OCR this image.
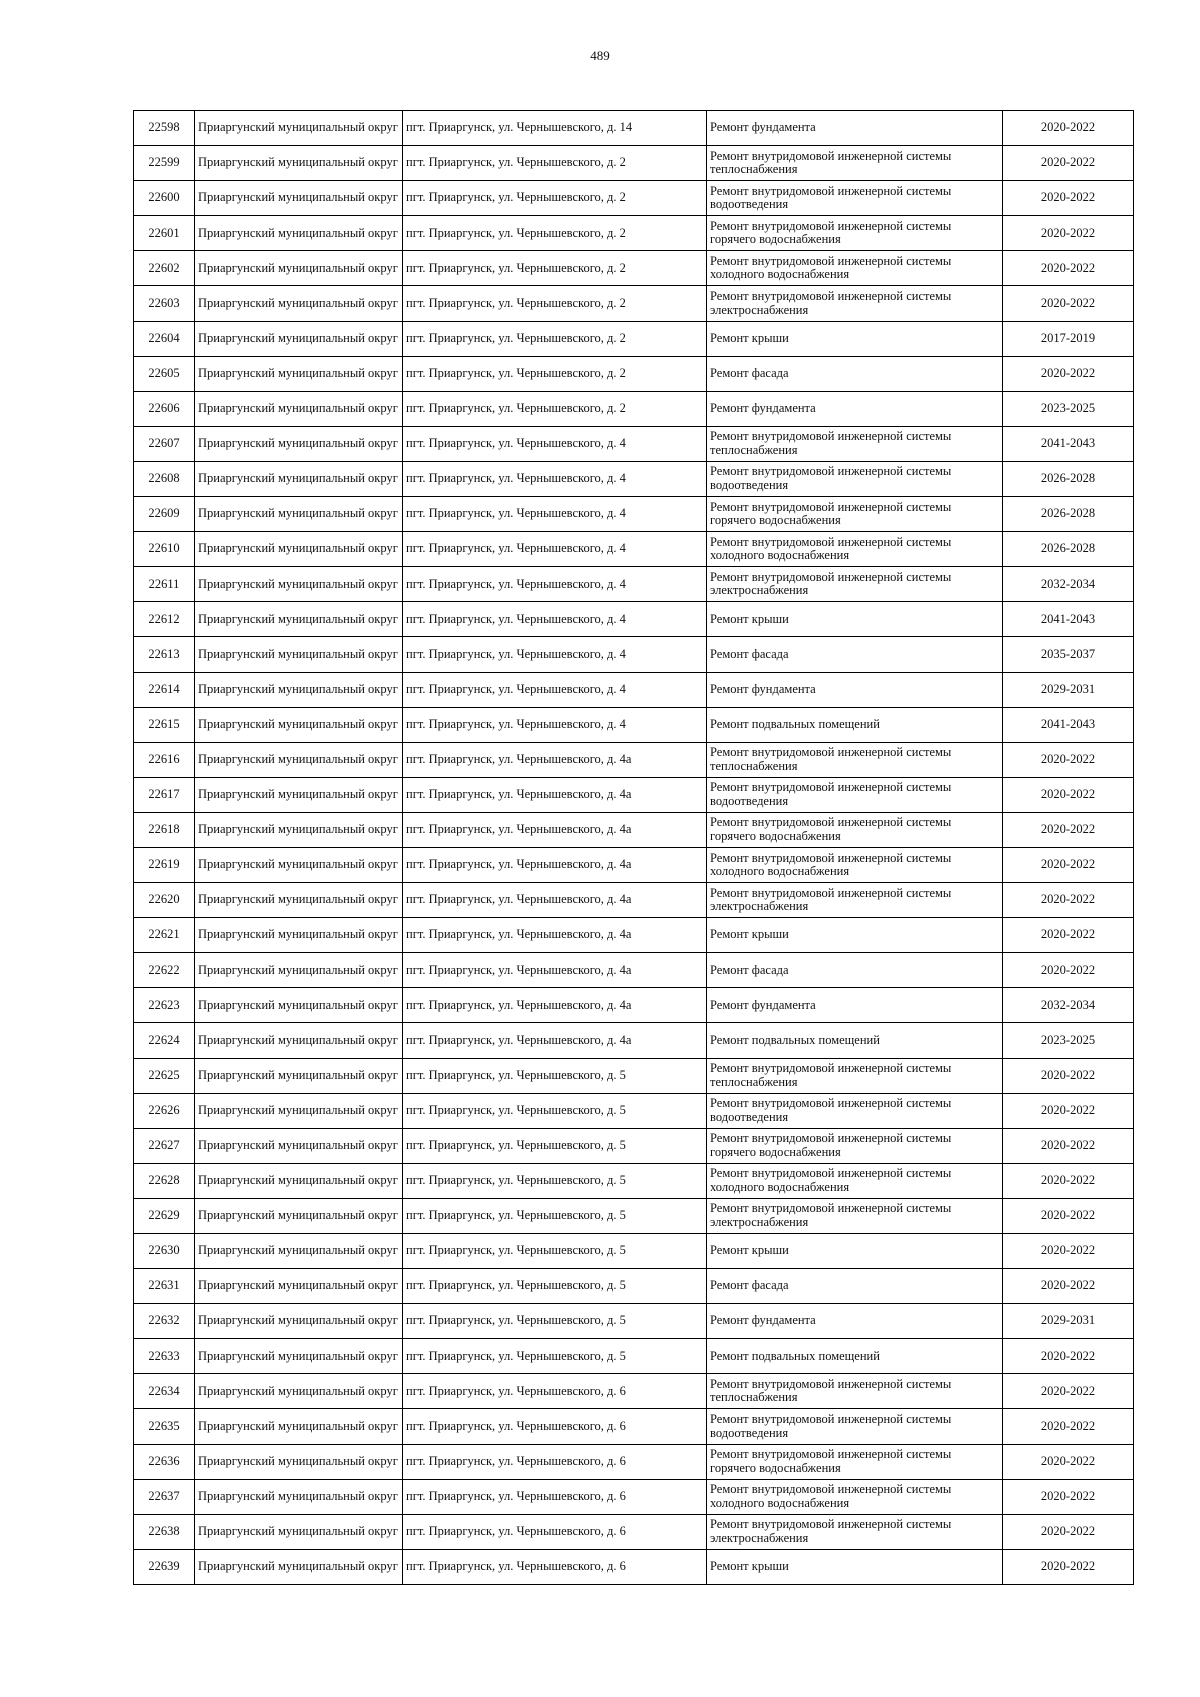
489
22598	Приаргунский муниципальный округ	пгт. Приаргунск, ул. Чернышевского, д. 14	Ремонт фундамента	2020-2022
22599	Приаргунский муниципальный округ	пгт. Приаргунск, ул. Чернышевского, д. 2	Ремонт внутридомовой инженерной системы теплоснабжения	2020-2022
22600	Приаргунский муниципальный округ	пгт. Приаргунск, ул. Чернышевского, д. 2	Ремонт внутридомовой инженерной системы водоотведения	2020-2022
22601	Приаргунский муниципальный округ	пгт. Приаргунск, ул. Чернышевского, д. 2	Ремонт внутридомовой инженерной системы горячего водоснабжения	2020-2022
22602	Приаргунский муниципальный округ	пгт. Приаргунск, ул. Чернышевского, д. 2	Ремонт внутридомовой инженерной системы холодного водоснабжения	2020-2022
22603	Приаргунский муниципальный округ	пгт. Приаргунск, ул. Чернышевского, д. 2	Ремонт внутридомовой инженерной системы электроснабжения	2020-2022
22604	Приаргунский муниципальный округ	пгт. Приаргунск, ул. Чернышевского, д. 2	Ремонт крыши	2017-2019
22605	Приаргунский муниципальный округ	пгт. Приаргунск, ул. Чернышевского, д. 2	Ремонт фасада	2020-2022
22606	Приаргунский муниципальный округ	пгт. Приаргунск, ул. Чернышевского, д. 2	Ремонт фундамента	2023-2025
22607	Приаргунский муниципальный округ	пгт. Приаргунск, ул. Чернышевского, д. 4	Ремонт внутридомовой инженерной системы теплоснабжения	2041-2043
22608	Приаргунский муниципальный округ	пгт. Приаргунск, ул. Чернышевского, д. 4	Ремонт внутридомовой инженерной системы водоотведения	2026-2028
22609	Приаргунский муниципальный округ	пгт. Приаргунск, ул. Чернышевского, д. 4	Ремонт внутридомовой инженерной системы горячего водоснабжения	2026-2028
22610	Приаргунский муниципальный округ	пгт. Приаргунск, ул. Чернышевского, д. 4	Ремонт внутридомовой инженерной системы холодного водоснабжения	2026-2028
22611	Приаргунский муниципальный округ	пгт. Приаргунск, ул. Чернышевского, д. 4	Ремонт внутридомовой инженерной системы электроснабжения	2032-2034
22612	Приаргунский муниципальный округ	пгт. Приаргунск, ул. Чернышевского, д. 4	Ремонт крыши	2041-2043
22613	Приаргунский муниципальный округ	пгт. Приаргунск, ул. Чернышевского, д. 4	Ремонт фасада	2035-2037
22614	Приаргунский муниципальный округ	пгт. Приаргунск, ул. Чернышевского, д. 4	Ремонт фундамента	2029-2031
22615	Приаргунский муниципальный округ	пгт. Приаргунск, ул. Чернышевского, д. 4	Ремонт подвальных помещений	2041-2043
22616	Приаргунский муниципальный округ	пгт. Приаргунск, ул. Чернышевского, д. 4а	Ремонт внутридомовой инженерной системы теплоснабжения	2020-2022
22617	Приаргунский муниципальный округ	пгт. Приаргунск, ул. Чернышевского, д. 4а	Ремонт внутридомовой инженерной системы водоотведения	2020-2022
22618	Приаргунский муниципальный округ	пгт. Приаргунск, ул. Чернышевского, д. 4а	Ремонт внутридомовой инженерной системы горячего водоснабжения	2020-2022
22619	Приаргунский муниципальный округ	пгт. Приаргунск, ул. Чернышевского, д. 4а	Ремонт внутридомовой инженерной системы холодного водоснабжения	2020-2022
22620	Приаргунский муниципальный округ	пгт. Приаргунск, ул. Чернышевского, д. 4а	Ремонт внутридомовой инженерной системы электроснабжения	2020-2022
22621	Приаргунский муниципальный округ	пгт. Приаргунск, ул. Чернышевского, д. 4а	Ремонт крыши	2020-2022
22622	Приаргунский муниципальный округ	пгт. Приаргунск, ул. Чернышевского, д. 4а	Ремонт фасада	2020-2022
22623	Приаргунский муниципальный округ	пгт. Приаргунск, ул. Чернышевского, д. 4а	Ремонт фундамента	2032-2034
22624	Приаргунский муниципальный округ	пгт. Приаргунск, ул. Чернышевского, д. 4а	Ремонт подвальных помещений	2023-2025
22625	Приаргунский муниципальный округ	пгт. Приаргунск, ул. Чернышевского, д. 5	Ремонт внутридомовой инженерной системы теплоснабжения	2020-2022
22626	Приаргунский муниципальный округ	пгт. Приаргунск, ул. Чернышевского, д. 5	Ремонт внутридомовой инженерной системы водоотведения	2020-2022
22627	Приаргунский муниципальный округ	пгт. Приаргунск, ул. Чернышевского, д. 5	Ремонт внутридомовой инженерной системы горячего водоснабжения	2020-2022
22628	Приаргунский муниципальный округ	пгт. Приаргунск, ул. Чернышевского, д. 5	Ремонт внутридомовой инженерной системы холодного водоснабжения	2020-2022
22629	Приаргунский муниципальный округ	пгт. Приаргунск, ул. Чернышевского, д. 5	Ремонт внутридомовой инженерной системы электроснабжения	2020-2022
22630	Приаргунский муниципальный округ	пгт. Приаргунск, ул. Чернышевского, д. 5	Ремонт крыши	2020-2022
22631	Приаргунский муниципальный округ	пгт. Приаргунск, ул. Чернышевского, д. 5	Ремонт фасада	2020-2022
22632	Приаргунский муниципальный округ	пгт. Приаргунск, ул. Чернышевского, д. 5	Ремонт фундамента	2029-2031
22633	Приаргунский муниципальный округ	пгт. Приаргунск, ул. Чернышевского, д. 5	Ремонт подвальных помещений	2020-2022
22634	Приаргунский муниципальный округ	пгт. Приаргунск, ул. Чернышевского, д. 6	Ремонт внутридомовой инженерной системы теплоснабжения	2020-2022
22635	Приаргунский муниципальный округ	пгт. Приаргунск, ул. Чернышевского, д. 6	Ремонт внутридомовой инженерной системы водоотведения	2020-2022
22636	Приаргунский муниципальный округ	пгт. Приаргунск, ул. Чернышевского, д. 6	Ремонт внутридомовой инженерной системы горячего водоснабжения	2020-2022
22637	Приаргунский муниципальный округ	пгт. Приаргунск, ул. Чернышевского, д. 6	Ремонт внутридомовой инженерной системы холодного водоснабжения	2020-2022
22638	Приаргунский муниципальный округ	пгт. Приаргунск, ул. Чернышевского, д. 6	Ремонт внутридомовой инженерной системы электроснабжения	2020-2022
22639	Приаргунский муниципальный округ	пгт. Приаргунск, ул. Чернышевского, д. 6	Ремонт крыши	2020-2022
